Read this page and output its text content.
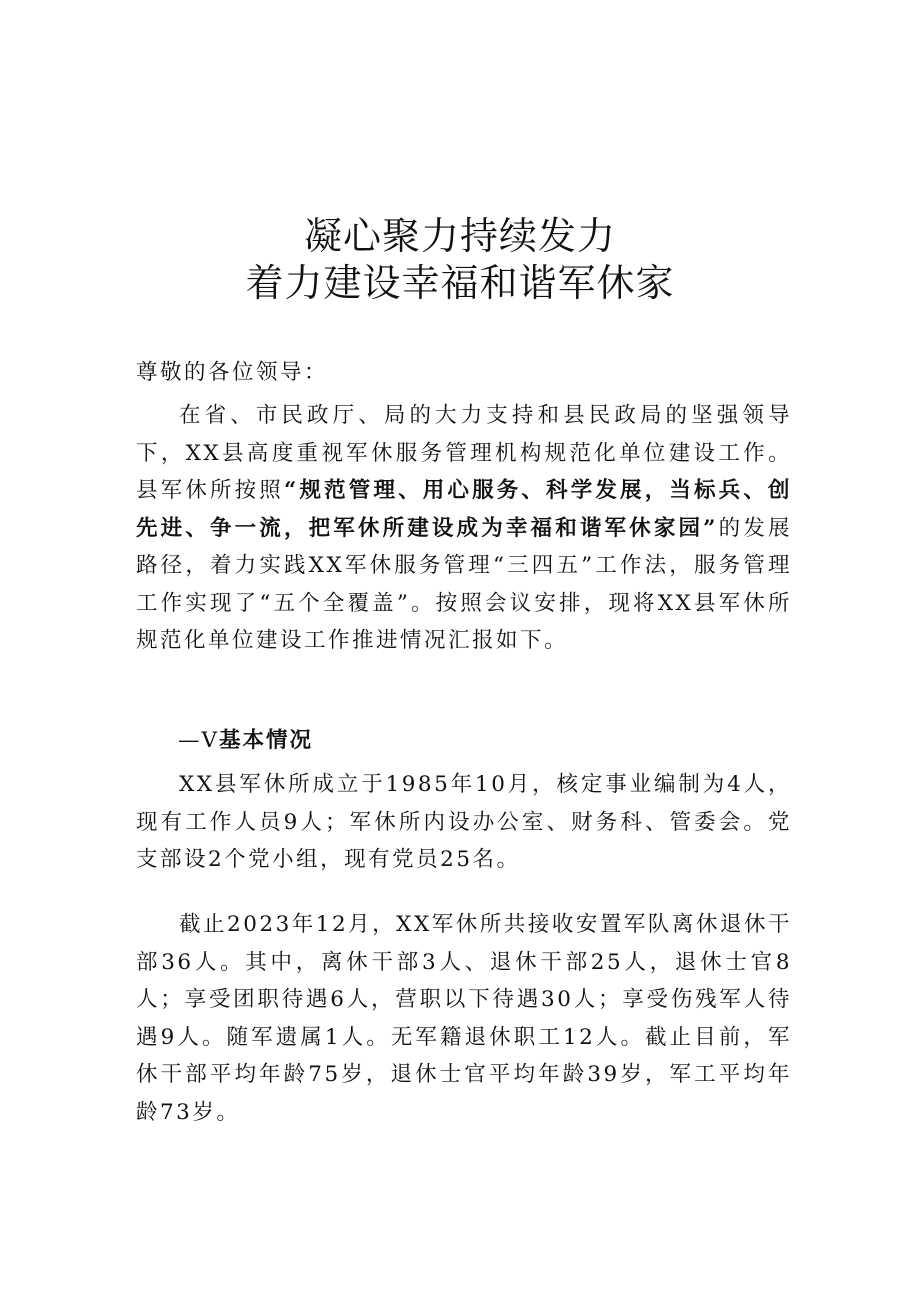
凝心聚力持续发力
着力建设幸福和谐军休家
尊敬的各位领导：
在省、市民政厅、局的大力支持和县民政局的坚强领导下，XX县高度重视军休服务管理机构规范化单位建设工作。县军休所按照“规范管理、用心服务、科学发展，当标兵、创先进、争一流，把军休所建设成为幸福和谐军休家园”的发展路径，着力实践XX军休服务管理“三四五”工作法，服务管理工作实现了“五个全覆盖”。按照会议安排，现将XX县军休所规范化单位建设工作推进情况汇报如下。
—V基本情况
XX县军休所成立于1985年10月，核定事业编制为4人，现有工作人员9人；军休所内设办公室、财务科、管委会。党支部设2个党小组，现有党员25名。
截止2023年12月，XX军休所共接收安置军队离休退休干部36人。其中，离休干部3人、退休干部25人，退休士官8人；享受团职待遇6人，营职以下待遇30人；享受伤残军人待遇9人。随军遗属1人。无军籍退休职工12人。截止目前，军休干部平均年龄75岁，退休士官平均年龄39岁，军工平均年龄73岁。
